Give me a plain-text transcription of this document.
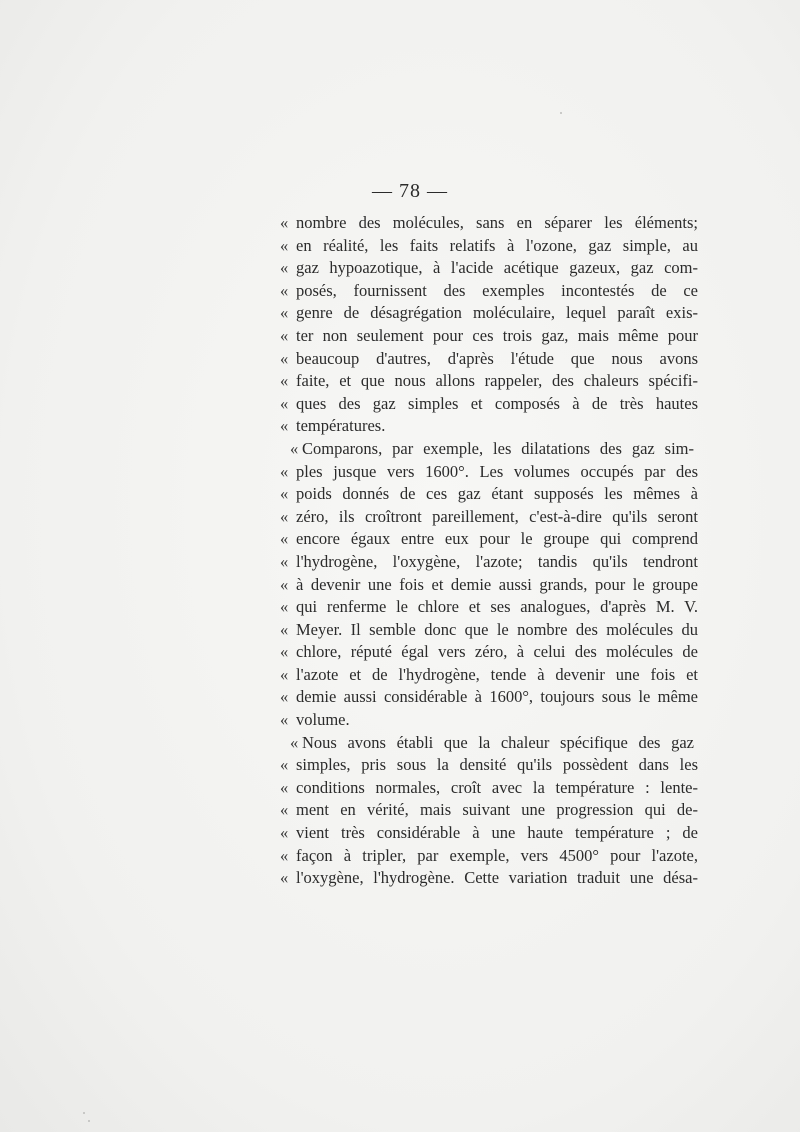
— 78 —
« nombre des molécules, sans en séparer les éléments;
« en réalité, les faits relatifs à l'ozone, gaz simple, au
« gaz hypoazotique, à l'acide acétique gazeux, gaz com-
« posés, fournissent des exemples incontestés de ce
« genre de désagrégation moléculaire, lequel paraît exis-
« ter non seulement pour ces trois gaz, mais même pour
« beaucoup d'autres, d'après l'étude que nous avons
« faite, et que nous allons rappeler, des chaleurs spécifi-
« ques des gaz simples et composés à de très hautes
« températures.
« Comparons, par exemple, les dilatations des gaz sim-
« ples jusque vers 1600°. Les volumes occupés par des
« poids donnés de ces gaz étant supposés les mêmes à
« zéro, ils croîtront pareillement, c'est-à-dire qu'ils seront
« encore égaux entre eux pour le groupe qui comprend
« l'hydrogène, l'oxygène, l'azote; tandis qu'ils tendront
« à devenir une fois et demie aussi grands, pour le groupe
« qui renferme le chlore et ses analogues, d'après M. V.
« Meyer. Il semble donc que le nombre des molécules du
« chlore, réputé égal vers zéro, à celui des molécules de
« l'azote et de l'hydrogène, tende à devenir une fois et
« demie aussi considérable à 1600°, toujours sous le même
« volume.
« Nous avons établi que la chaleur spécifique des gaz
« simples, pris sous la densité qu'ils possèdent dans les
« conditions normales, croît avec la température : lente-
« ment en vérité, mais suivant une progression qui de-
« vient très considérable à une haute température ; de
« façon à tripler, par exemple, vers 4500° pour l'azote,
« l'oxygène, l'hydrogène. Cette variation traduit une désa-
